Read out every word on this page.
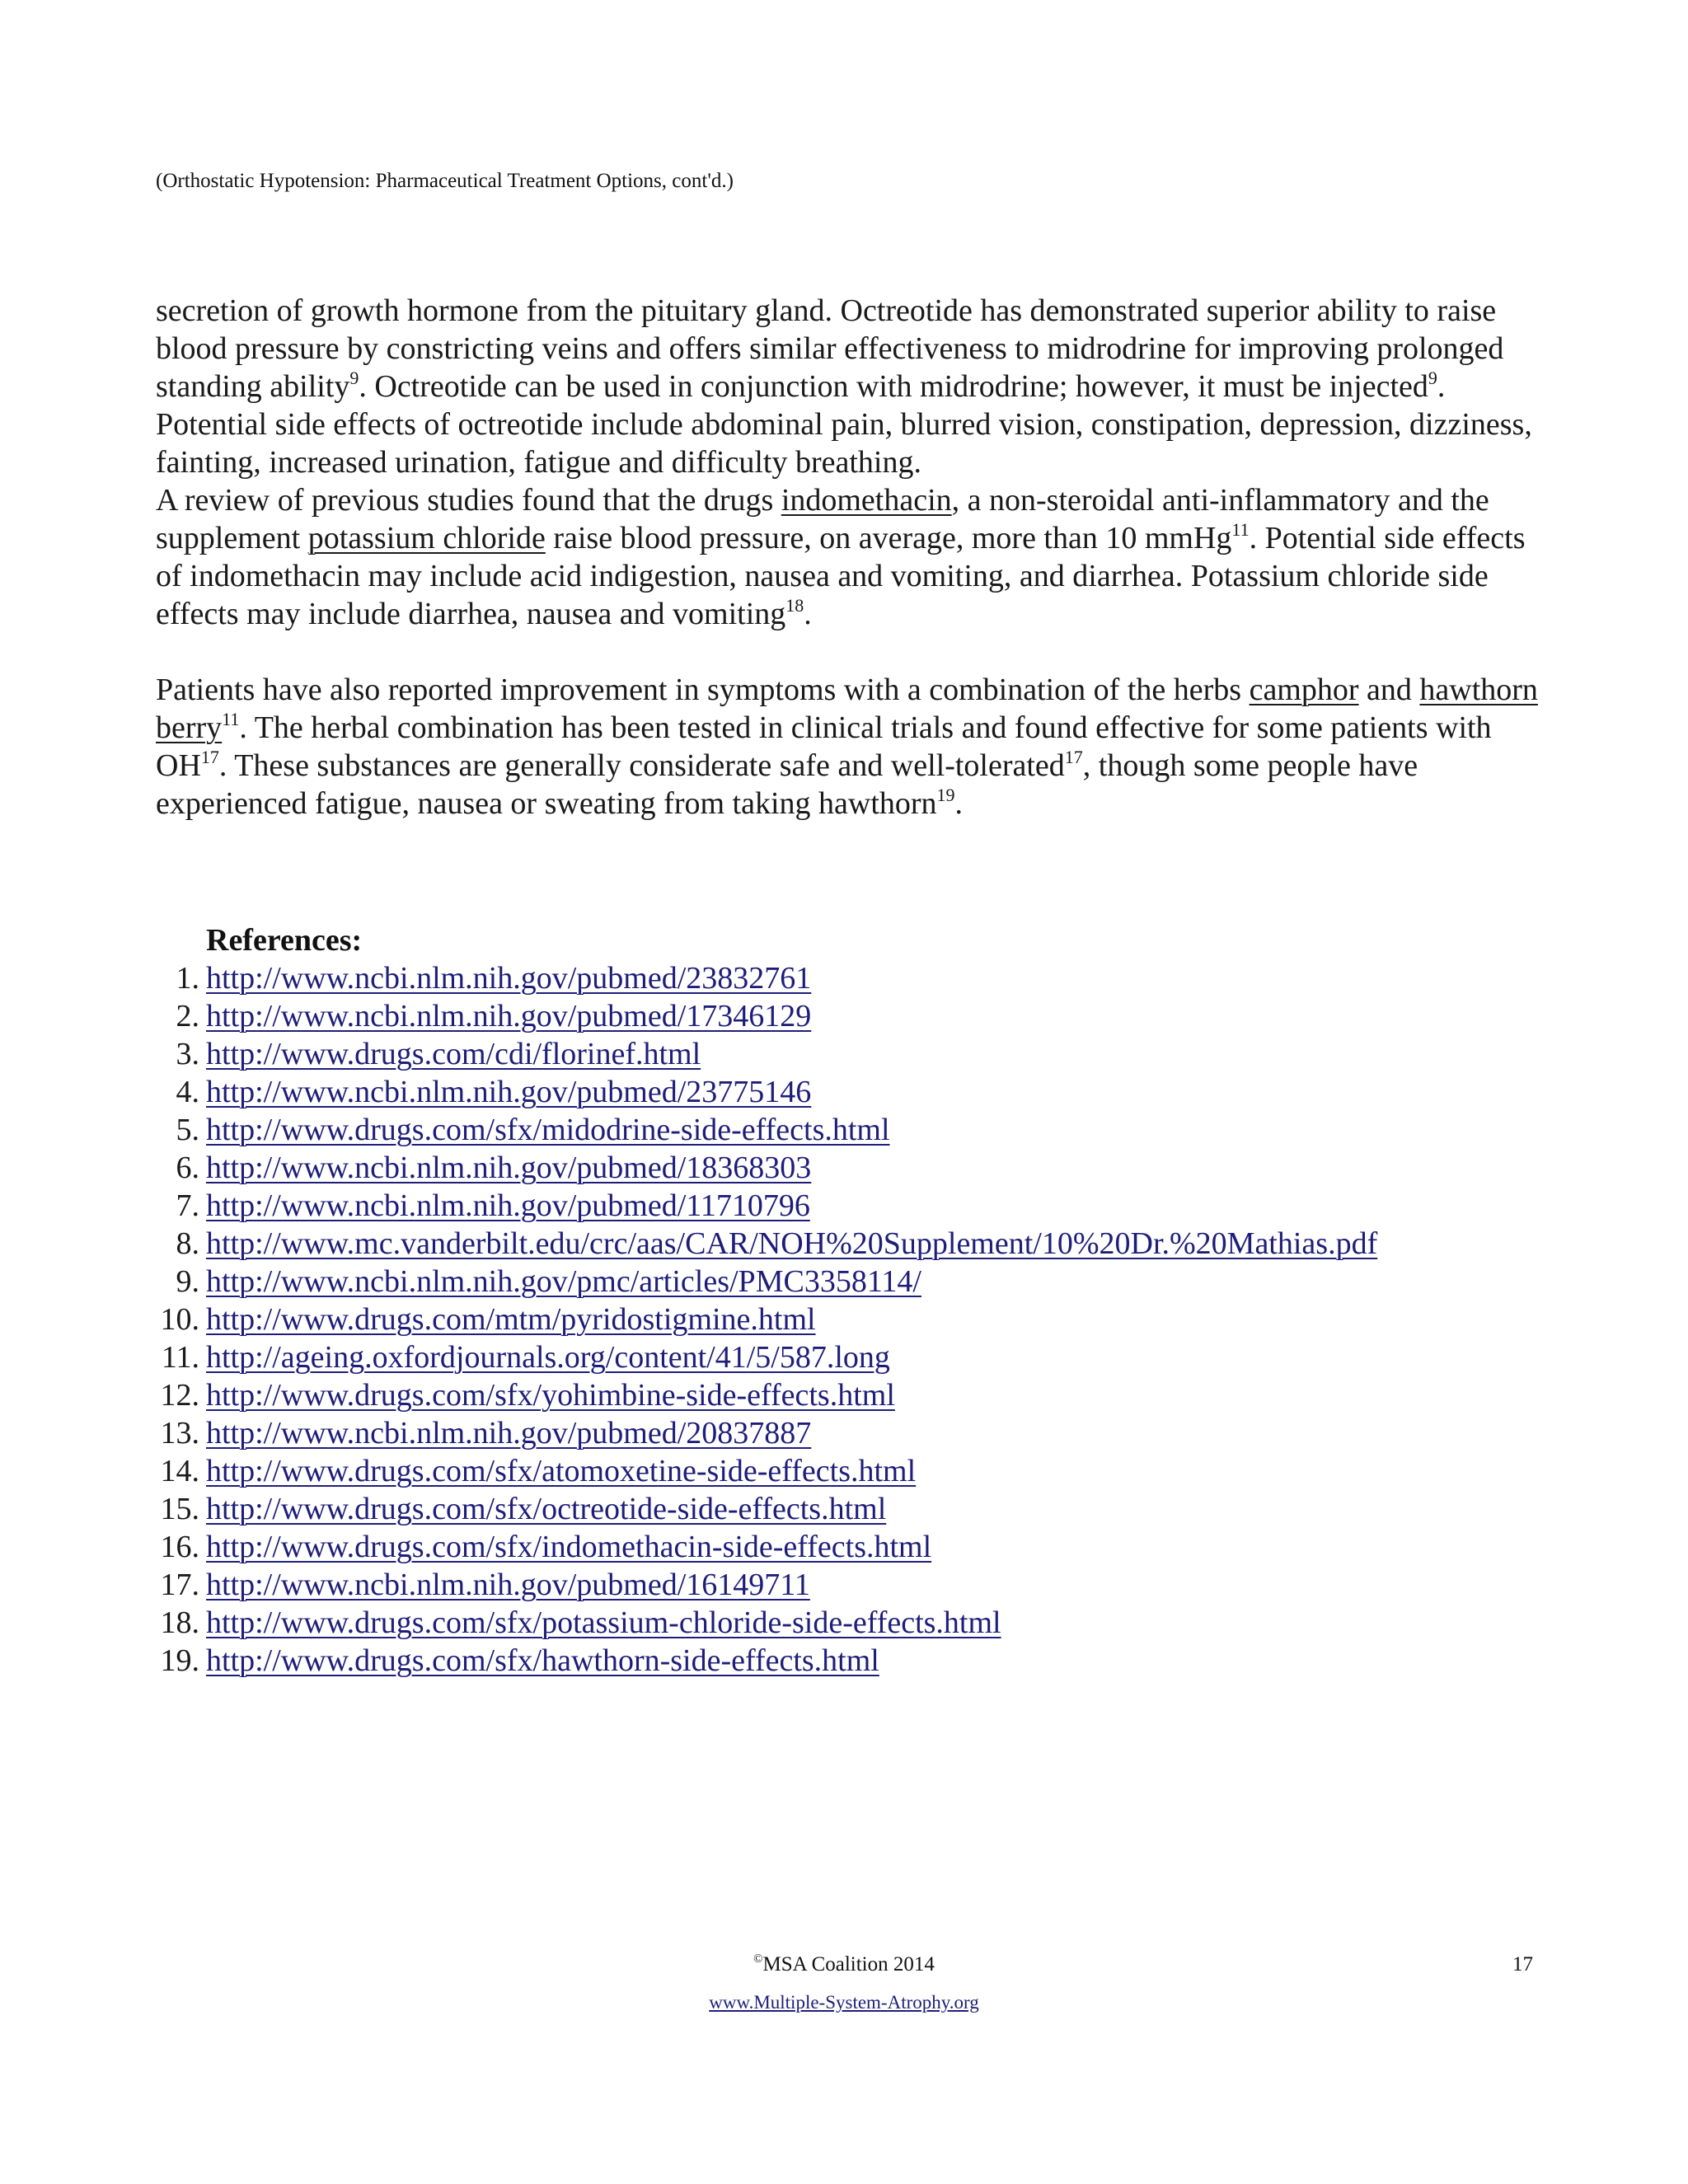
(Orthostatic Hypotension: Pharmaceutical Treatment Options, cont'd.)

secretion of growth hormone from the pituitary gland. Octreotide has demonstrated superior ability to raise blood pressure by constricting veins and offers similar effectiveness to midrodrine for improving prolonged standing ability$^9$. Octreotide can be used in conjunction with midrodrine; however, it must be injected$^9$. Potential side effects of octreotide include abdominal pain, blurred vision, constipation, depression, dizziness, fainting, increased urination, fatigue and difficulty breathing.

A review of previous studies found that the drugs indomethacin, a non-steroidal anti-inflammatory and the supplement potassium chloride raise blood pressure, on average, more than 10 mmHg$^{11}$. Potential side effects of indomethacin may include acid indigestion, nausea and vomiting, and diarrhea. Potassium chloride side effects may include diarrhea, nausea and vomiting$^{18}$.

Patients have also reported improvement in symptoms with a combination of the herbs camphor and hawthorn berry$^{11}$. The herbal combination has been tested in clinical trials and found effective for some patients with OH$^{17}$. These substances are generally considerate safe and well-tolerated$^{17}$, though some people have experienced fatigue, nausea or sweating from taking hawthorn$^{19}$.

References:
1. http://www.ncbi.nlm.nih.gov/pubmed/23832761
2. http://www.ncbi.nlm.nih.gov/pubmed/17346129
3. http://www.drugs.com/cdi/florinef.html
4. http://www.ncbi.nlm.nih.gov/pubmed/23775146
5. http://www.drugs.com/sfx/midodrine-side-effects.html
6. http://www.ncbi.nlm.nih.gov/pubmed/18368303
7. http://www.ncbi.nlm.nih.gov/pubmed/11710796
8. http://www.mc.vanderbilt.edu/crc/aas/CAR/NOH%20Supplement/10%20Dr.%20Mathias.pdf
9. http://www.ncbi.nlm.nih.gov/pmc/articles/PMC3358114/
10. http://www.drugs.com/mtm/pyridostigmine.html
11. http://ageing.oxfordjournals.org/content/41/5/587.long
12. http://www.drugs.com/sfx/yohimbine-side-effects.html
13. http://www.ncbi.nlm.nih.gov/pubmed/20837887
14. http://www.drugs.com/sfx/atomoxetine-side-effects.html
15. http://www.drugs.com/sfx/octreotide-side-effects.html
16. http://www.drugs.com/sfx/indomethacin-side-effects.html
17. http://www.ncbi.nlm.nih.gov/pubmed/16149711
18. http://www.drugs.com/sfx/potassium-chloride-side-effects.html
19. http://www.drugs.com/sfx/hawthorn-side-effects.html
©MSA Coalition 2014	17
www.Multiple-System-Atrophy.org
